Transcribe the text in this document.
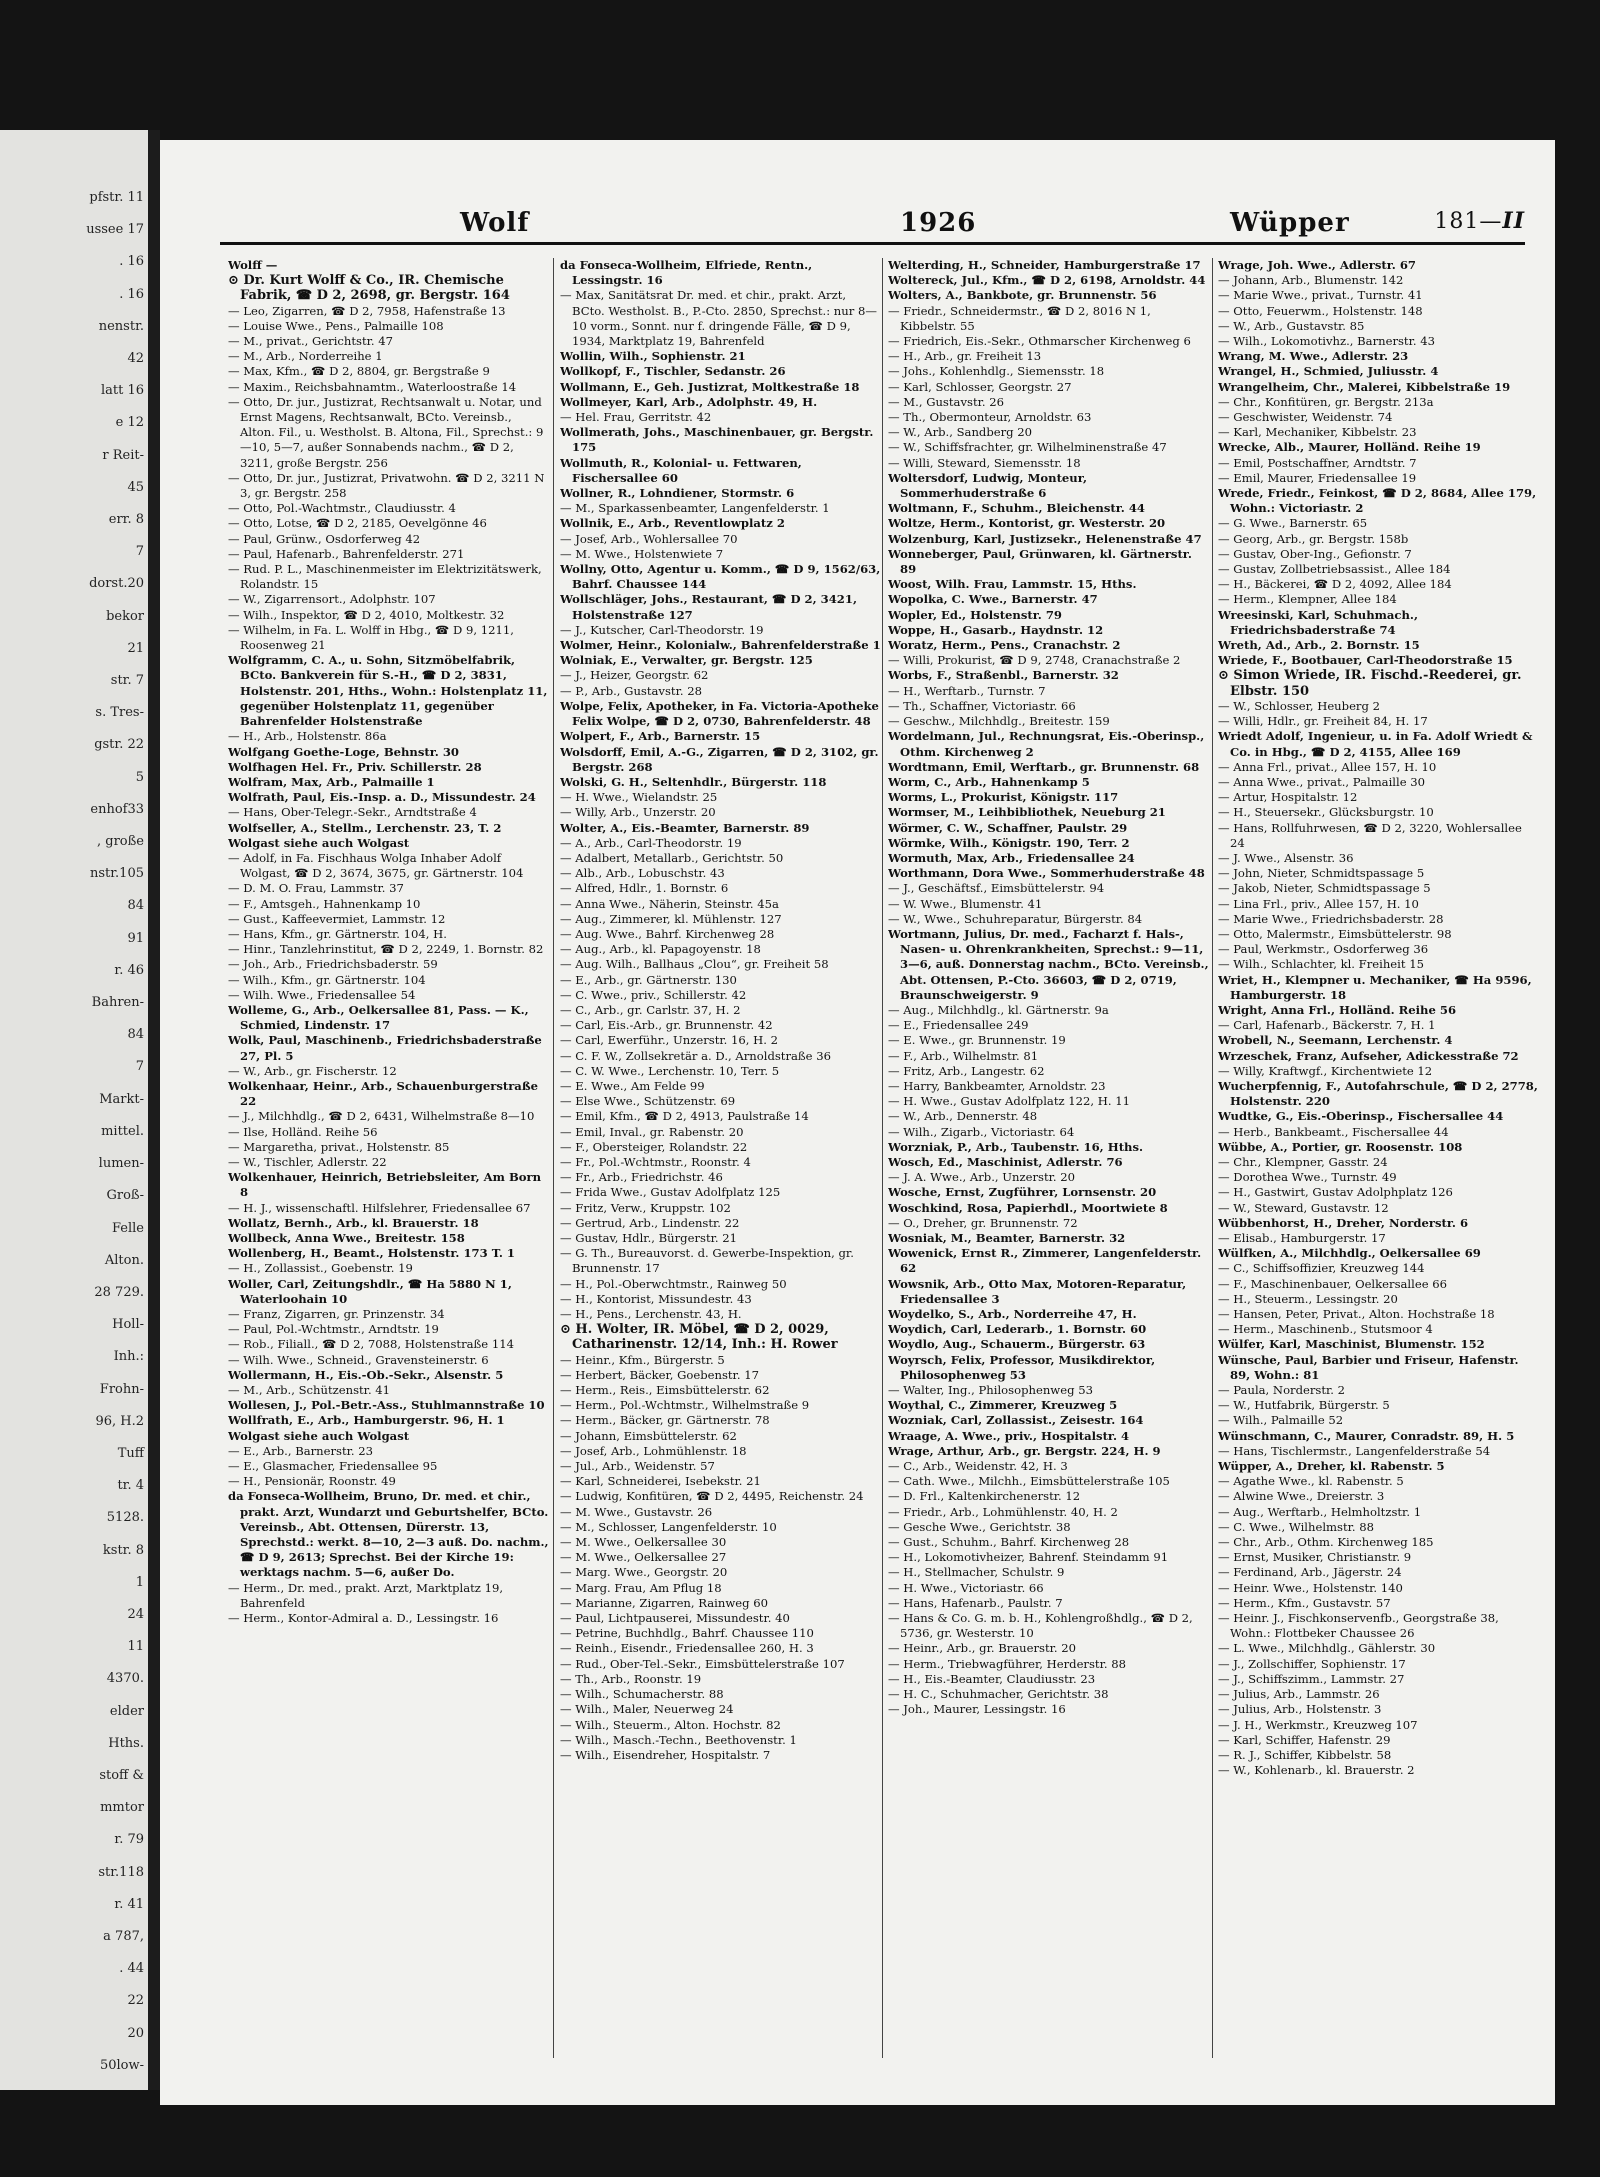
pfstr. 11
ussee 17
. 16
. 16
nenstr.
42
latt 16
e 12
r Reit-
45
err. 8
7
dorst.20
bekor
21
str. 7
s. Tres-
gstr. 22
5
enhof33
, große
nstr.105
84
91
r. 46
Bahren-
84
7
Markt-
mittel.
lumen-
Groß-
Felle
Alton.
28 729.
Holl-
Inh.:
Frohn-
96, H.2
Tuff
tr. 4
5128.
kstr. 8
1
24
11
4370.
elder
Hths.
stoff &
mmtor
r. 79
str.118
r. 41
a 787,
. 44
22
20
50low-
Wolf	1926	Wüpper	181—II
Wolff —
⊙ Dr. Kurt Wolff & Co., IR. Chemische Fabrik, ☎ D 2, 2698, gr. Bergstr. 164
— Leo, Zigarren, ☎ D 2, 7958, Hafenstraße 13
— Louise Wwe., Pens., Palmaille 108
— M., privat., Gerichtstr. 47
— M., Arb., Norderreihe 1
— Max, Kfm., ☎ D 2, 8804, gr. Bergstraße 9
— Maxim., Reichsbahnamtm., Waterloostraße 14
— Otto, Dr. jur., Justizrat, Rechtsanwalt u. Notar, und Ernst Magens, Rechtsanwalt, BCto. Vereinsb., Alton. Fil., u. Westholst. B. Altona, Fil., Sprechst.: 9—10, 5—7, außer Sonnabends nachm., ☎ D 2, 3211, große Bergstr. 256
— Otto, Dr. jur., Justizrat, Privatwohn. ☎ D 2, 3211 N 3, gr. Bergstr. 258
— Otto, Pol.-Wachtmstr., Claudiusstr. 4
— Otto, Lotse, ☎ D 2, 2185, Oevelgönne 46
— Paul, Grünw., Osdorferweg 42
— Paul, Hafenarb., Bahrenfelderstr. 271
— Rud. P. L., Maschinenmeister im Elektrizitätswerk, Rolandstr. 15
— W., Zigarrensort., Adolphstr. 107
— Wilh., Inspektor, ☎ D 2, 4010, Moltkestr. 32
— Wilhelm, in Fa. L. Wolff in Hbg., ☎ D 9, 1211, Roosenweg 21
Wolfgramm, C. A., u. Sohn, Sitzmöbelfabrik, BCto. Bankverein für S.-H., ☎ D 2, 3831, Holstenstr. 201, Hths., Wohn.: Holstenplatz 11, gegenüber Holstenplatz 11, gegenüber Bahrenfelder Holstenstraße
— H., Arb., Holstenstr. 86a
Wolfgang Goethe-Loge, Behnstr. 30
Wolfhagen Hel. Fr., Priv. Schillerstr. 28
Wolfram, Max, Arb., Palmaille 1
Wolfrath, Paul, Eis.-Insp. a. D., Missundestr. 24
— Hans, Ober-Telegr.-Sekr., Arndtstraße 4
Wolfseller, A., Stellm., Lerchenstr. 23, T. 2
Wolgast siehe auch Wolgast
— Adolf, in Fa. Fischhaus Wolga Inhaber Adolf Wolgast, ☎ D 2, 3674, 3675, gr. Gärtnerstr. 104
— D. M. O. Frau, Lammstr. 37
— F., Amtsgeh., Hahnenkamp 10
— Gust., Kaffeevermiet, Lammstr. 12
— Hans, Kfm., gr. Gärtnerstr. 104, H.
— Hinr., Tanzlehrinstitut, ☎ D 2, 2249, 1. Bornstr. 82
— Joh., Arb., Friedrichsbaderstr. 59
— Wilh., Kfm., gr. Gärtnerstr. 104
— Wilh. Wwe., Friedensallee 54
Wolleme, G., Arb., Oelkersallee 81, Pass. — K., Schmied, Lindenstr. 17
Wolk, Paul, Maschinenb., Friedrichsbaderstraße 27, Pl. 5
— W., Arb., gr. Fischerstr. 12
Wolkenhaar, Heinr., Arb., Schauenburgerstraße 22
— J., Milchhdlg., ☎ D 2, 6431, Wilhelmstraße 8—10
— Ilse, Holländ. Reihe 56
— Margaretha, privat., Holstenstr. 85
— W., Tischler, Adlerstr. 22
Wolkenhauer, Heinrich, Betriebsleiter, Am Born 8
— H. J., wissenschaftl. Hilfslehrer, Friedensallee 67
Wollatz, Bernh., Arb., kl. Brauerstr. 18
Wollbeck, Anna Wwe., Breitestr. 158
Wollenberg, H., Beamt., Holstenstr. 173 T. 1
— H., Zollassist., Goebenstr. 19
Woller, Carl, Zeitungshdlr., ☎ Ha 5880 N 1, Waterloohain 10
— Franz, Zigarren, gr. Prinzenstr. 34
— Paul, Pol.-Wchtmstr., Arndtstr. 19
— Rob., Filiall., ☎ D 2, 7088, Holstenstraße 114
— Wilh. Wwe., Schneid., Gravensteinerstr. 6
Wollermann, H., Eis.-Ob.-Sekr., Alsenstr. 5
— M., Arb., Schützenstr. 41
Wollesen, J., Pol.-Betr.-Ass., Stuhlmannstraße 10
Wollfrath, E., Arb., Hamburgerstr. 96, H. 1
Wolgast siehe auch Wolgast
— E., Arb., Barnerstr. 23
— E., Glasmacher, Friedensallee 95
— H., Pensionär, Roonstr. 49
da Fonseca-Wollheim, Bruno, Dr. med. et chir., prakt. Arzt, Wundarzt und Geburtshelfer, BCto. Vereinsb., Abt. Ottensen, Dürerstr. 13, Sprechstd.: werkt. 8—10, 2—3 auß. Do. nachm., ☎ D 9, 2613; Sprechst. Bei der Kirche 19: werktags nachm. 5—6, außer Do.
— Herm., Dr. med., prakt. Arzt, Marktplatz 19, Bahrenfeld
— Herm., Kontor-Admiral a. D., Lessingstr. 16
da Fonseca-Wollheim, Elfriede, Rentn., Lessingstr. 16
— Max, Sanitätsrat Dr. med. et chir., prakt. Arzt, BCto. Westholst. B., P.-Cto. 2850, Sprechst.: nur 8—10 vorm., Sonnt. nur f. dringende Fälle, ☎ D 9, 1934, Marktplatz 19, Bahrenfeld
Wollin, Wilh., Sophienstr. 21
Wollkopf, F., Tischler, Sedanstr. 26
Wollmann, E., Geh. Justizrat, Moltkestraße 18
Wollmeyer, Karl, Arb., Adolphstr. 49, H.
— Hel. Frau, Gerritstr. 42
Wollmerath, Johs., Maschinenbauer, gr. Bergstr. 175
Wollmuth, R., Kolonial- u. Fettwaren, Fischersallee 60
Wollner, R., Lohndiener, Stormstr. 6
— M., Sparkassenbeamter, Langenfelderstr. 1
Wollnik, E., Arb., Reventlowplatz 2
— Josef, Arb., Wohlersallee 70
— M. Wwe., Holstenwiete 7
Wollny, Otto, Agentur u. Komm., ☎ D 9, 1562/63, Bahrf. Chaussee 144
Wollschläger, Johs., Restaurant, ☎ D 2, 3421, Holstenstraße 127
— J., Kutscher, Carl-Theodorstr. 19
Wolmer, Heinr., Kolonialw., Bahrenfelderstraße 1
Wolniak, E., Verwalter, gr. Bergstr. 125
— J., Heizer, Georgstr. 62
— P., Arb., Gustavstr. 28
Wolpe, Felix, Apotheker, in Fa. Victoria-Apotheke Felix Wolpe, ☎ D 2, 0730, Bahrenfelderstr. 48
Wolpert, F., Arb., Barnerstr. 15
Wolsdorff, Emil, A.-G., Zigarren, ☎ D 2, 3102, gr. Bergstr. 268
Wolski, G. H., Seltenhdlr., Bürgerstr. 118
— H. Wwe., Wielandstr. 25
— Willy, Arb., Unzerstr. 20
Wolter, A., Eis.-Beamter, Barnerstr. 89
— A., Arb., Carl-Theodorstr. 19
— Adalbert, Metallarb., Gerichtstr. 50
— Alb., Arb., Lobuschstr. 43
— Alfred, Hdlr., 1. Bornstr. 6
— Anna Wwe., Näherin, Steinstr. 45a
— Aug., Zimmerer, kl. Mühlenstr. 127
— Aug. Wwe., Bahrf. Kirchenweg 28
— Aug., Arb., kl. Papagoyenstr. 18
— Aug. Wilh., Ballhaus „Clou“, gr. Freiheit 58
— E., Arb., gr. Gärtnerstr. 130
— C. Wwe., priv., Schillerstr. 42
— C., Arb., gr. Carlstr. 37, H. 2
— Carl, Eis.-Arb., gr. Brunnenstr. 42
— Carl, Ewerführ., Unzerstr. 16, H. 2
— C. F. W., Zollsekretär a. D., Arnoldstraße 36
— C. W. Wwe., Lerchenstr. 10, Terr. 5
— E. Wwe., Am Felde 99
— Else Wwe., Schützenstr. 69
— Emil, Kfm., ☎ D 2, 4913, Paulstraße 14
— Emil, Inval., gr. Rabenstr. 20
— F., Obersteiger, Rolandstr. 22
— Fr., Pol.-Wchtmstr., Roonstr. 4
— Fr., Arb., Friedrichstr. 46
— Frida Wwe., Gustav Adolfplatz 125
— Fritz, Verw., Kruppstr. 102
— Gertrud, Arb., Lindenstr. 22
— Gustav, Hdlr., Bürgerstr. 21
— G. Th., Bureauvorst. d. Gewerbe-Inspektion, gr. Brunnenstr. 17
— H., Pol.-Oberwchtmstr., Rainweg 50
— H., Kontorist, Missundestr. 43
— H., Pens., Lerchenstr. 43, H.
⊙ H. Wolter, IR. Möbel, ☎ D 2, 0029, Catharinenstr. 12/14, Inh.: H. Rower
— Heinr., Kfm., Bürgerstr. 5
— Herbert, Bäcker, Goebenstr. 17
— Herm., Reis., Eimsbüttelerstr. 62
— Herm., Pol.-Wchtmstr., Wilhelmstraße 9
— Herm., Bäcker, gr. Gärtnerstr. 78
— Johann, Eimsbüttelerstr. 62
— Josef, Arb., Lohmühlenstr. 18
— Jul., Arb., Weidenstr. 57
— Karl, Schneiderei, Isebekstr. 21
— Ludwig, Konfitüren, ☎ D 2, 4495, Reichenstr. 24
— M. Wwe., Gustavstr. 26
— M., Schlosser, Langenfelderstr. 10
— M. Wwe., Oelkersallee 30
— M. Wwe., Oelkersallee 27
— Marg. Wwe., Georgstr. 20
— Marg. Frau, Am Pflug 18
— Marianne, Zigarren, Rainweg 60
— Paul, Lichtpauserei, Missundestr. 40
— Petrine, Buchhdlg., Bahrf. Chaussee 110
— Reinh., Eisendr., Friedensallee 260, H. 3
— Rud., Ober-Tel.-Sekr., Eimsbüttelerstraße 107
— Th., Arb., Roonstr. 19
— Wilh., Schumacherstr. 88
— Wilh., Maler, Neuerweg 24
— Wilh., Steuerm., Alton. Hochstr. 82
— Wilh., Masch.-Techn., Beethovenstr. 1
— Wilh., Eisendreher, Hospitalstr. 7
Welterding, H., Schneider, Hamburgerstraße 17
Woltereck, Jul., Kfm., ☎ D 2, 6198, Arnoldstr. 44
Wolters, A., Bankbote, gr. Brunnenstr. 56
— Friedr., Schneidermstr., ☎ D 2, 8016 N 1, Kibbelstr. 55
— Friedrich, Eis.-Sekr., Othmarscher Kirchenweg 6
— H., Arb., gr. Freiheit 13
— Johs., Kohlenhdlg., Siemensstr. 18
— Karl, Schlosser, Georgstr. 27
— M., Gustavstr. 26
— Th., Obermonteur, Arnoldstr. 63
— W., Arb., Sandberg 20
— W., Schiffsfrachter, gr. Wilhelminenstraße 47
— Willi, Steward, Siemensstr. 18
Woltersdorf, Ludwig, Monteur, Sommerhuderstraße 6
Woltmann, F., Schuhm., Bleichenstr. 44
Woltze, Herm., Kontorist, gr. Westerstr. 20
Wolzenburg, Karl, Justizsekr., Helenenstraße 47
Wonneberger, Paul, Grünwaren, kl. Gärtnerstr. 89
Woost, Wilh. Frau, Lammstr. 15, Hths.
Wopolka, C. Wwe., Barnerstr. 47
Wopler, Ed., Holstenstr. 79
Woppe, H., Gasarb., Haydnstr. 12
Woratz, Herm., Pens., Cranachstr. 2
— Willi, Prokurist, ☎ D 9, 2748, Cranachstraße 2
Worbs, F., Straßenbl., Barnerstr. 32
— H., Werftarb., Turnstr. 7
— Th., Schaffner, Victoriastr. 66
— Geschw., Milchhdlg., Breitestr. 159
Wordelmann, Jul., Rechnungsrat, Eis.-Oberinsp., Othm. Kirchenweg 2
Wordtmann, Emil, Werftarb., gr. Brunnenstr. 68
Worm, C., Arb., Hahnenkamp 5
Worms, L., Prokurist, Königstr. 117
Wormser, M., Leihbibliothek, Neueburg 21
Wörmer, C. W., Schaffner, Paulstr. 29
Wörmke, Wilh., Königstr. 190, Terr. 2
Wormuth, Max, Arb., Friedensallee 24
Worthmann, Dora Wwe., Sommerhuderstraße 48
— J., Geschäftsf., Eimsbüttelerstr. 94
— W. Wwe., Blumenstr. 41
— W., Wwe., Schuhreparatur, Bürgerstr. 84
Wortmann, Julius, Dr. med., Facharzt f. Hals-, Nasen- u. Ohrenkrankheiten, Sprechst.: 9—11, 3—6, auß. Donnerstag nachm., BCto. Vereinsb., Abt. Ottensen, P.-Cto. 36603, ☎ D 2, 0719, Braunschweigerstr. 9
— Aug., Milchhdlg., kl. Gärtnerstr. 9a
— E., Friedensallee 249
— E. Wwe., gr. Brunnenstr. 19
— F., Arb., Wilhelmstr. 81
— Fritz, Arb., Langestr. 62
— Harry, Bankbeamter, Arnoldstr. 23
— H. Wwe., Gustav Adolfplatz 122, H. 11
— W., Arb., Dennerstr. 48
— Wilh., Zigarb., Victoriastr. 64
Worzniak, P., Arb., Taubenstr. 16, Hths.
Wosch, Ed., Maschinist, Adlerstr. 76
— J. A. Wwe., Arb., Unzerstr. 20
Wosche, Ernst, Zugführer, Lornsenstr. 20
Woschkind, Rosa, Papierhdl., Moortwiete 8
— O., Dreher, gr. Brunnenstr. 72
Wosniak, M., Beamter, Barnerstr. 32
Wowenick, Ernst R., Zimmerer, Langenfelderstr. 62
Wowsnik, Arb., Otto Max, Motoren-Reparatur, Friedensallee 3
Woydelko, S., Arb., Norderreihe 47, H.
Woydich, Carl, Lederarb., 1. Bornstr. 60
Woydlo, Aug., Schauerm., Bürgerstr. 63
Woyrsch, Felix, Professor, Musikdirektor, Philosophenweg 53
— Walter, Ing., Philosophenweg 53
Woythal, C., Zimmerer, Kreuzweg 5
Wozniak, Carl, Zollassist., Zeisestr. 164
Wraage, A. Wwe., priv., Hospitalstr. 4
Wrage, Arthur, Arb., gr. Bergstr. 224, H. 9
— C., Arb., Weidenstr. 42, H. 3
— Cath. Wwe., Milchh., Eimsbüttelerstraße 105
— D. Frl., Kaltenkirchenerstr. 12
— Friedr., Arb., Lohmühlenstr. 40, H. 2
— Gesche Wwe., Gerichtstr. 38
— Gust., Schuhm., Bahrf. Kirchenweg 28
— H., Lokomotivheizer, Bahrenf. Steindamm 91
— H., Stellmacher, Schulstr. 9
— H. Wwe., Victoriastr. 66
— Hans, Hafenarb., Paulstr. 7
— Hans & Co. G. m. b. H., Kohlengroßhdlg., ☎ D 2, 5736, gr. Westerstr. 10
— Heinr., Arb., gr. Brauerstr. 20
— Herm., Triebwagführer, Herderstr. 88
— H., Eis.-Beamter, Claudiusstr. 23
— H. C., Schuhmacher, Gerichtstr. 38
— Joh., Maurer, Lessingstr. 16
Wrage, Joh. Wwe., Adlerstr. 67
— Johann, Arb., Blumenstr. 142
— Marie Wwe., privat., Turnstr. 41
— Otto, Feuerwm., Holstenstr. 148
— W., Arb., Gustavstr. 85
— Wilh., Lokomotivhz., Barnerstr. 43
Wrang, M. Wwe., Adlerstr. 23
Wrangel, H., Schmied, Juliusstr. 4
Wrangelheim, Chr., Malerei, Kibbelstraße 19
— Chr., Konfitüren, gr. Bergstr. 213a
— Geschwister, Weidenstr. 74
— Karl, Mechaniker, Kibbelstr. 23
Wrecke, Alb., Maurer, Holländ. Reihe 19
— Emil, Postschaffner, Arndtstr. 7
— Emil, Maurer, Friedensallee 19
Wrede, Friedr., Feinkost, ☎ D 2, 8684, Allee 179, Wohn.: Victoriastr. 2
— G. Wwe., Barnerstr. 65
— Georg, Arb., gr. Bergstr. 158b
— Gustav, Ober-Ing., Gefionstr. 7
— Gustav, Zollbetriebsassist., Allee 184
— H., Bäckerei, ☎ D 2, 4092, Allee 184
— Herm., Klempner, Allee 184
Wreesinski, Karl, Schuhmach., Friedrichsbaderstraße 74
Wreth, Ad., Arb., 2. Bornstr. 15
Wriede, F., Bootbauer, Carl-Theodorstraße 15
⊙ Simon Wriede, IR. Fischd.-Reederei, gr. Elbstr. 150
— W., Schlosser, Heuberg 2
— Willi, Hdlr., gr. Freiheit 84, H. 17
Wriedt Adolf, Ingenieur, u. in Fa. Adolf Wriedt & Co. in Hbg., ☎ D 2, 4155, Allee 169
— Anna Frl., privat., Allee 157, H. 10
— Anna Wwe., privat., Palmaille 30
— Artur, Hospitalstr. 12
— H., Steuersekr., Glücksburgstr. 10
— Hans, Rollfuhrwesen, ☎ D 2, 3220, Wohlersallee 24
— J. Wwe., Alsenstr. 36
— John, Nieter, Schmidtspassage 5
— Jakob, Nieter, Schmidtspassage 5
— Lina Frl., priv., Allee 157, H. 10
— Marie Wwe., Friedrichsbaderstr. 28
— Otto, Malermstr., Eimsbüttelerstr. 98
— Paul, Werkmstr., Osdorferweg 36
— Wilh., Schlachter, kl. Freiheit 15
Wriet, H., Klempner u. Mechaniker, ☎ Ha 9596, Hamburgerstr. 18
Wright, Anna Frl., Holländ. Reihe 56
— Carl, Hafenarb., Bäckerstr. 7, H. 1
Wrobell, N., Seemann, Lerchenstr. 4
Wrzeschek, Franz, Aufseher, Adickesstraße 72
— Willy, Kraftwgf., Kirchentwiete 12
Wucherpfennig, F., Autofahrschule, ☎ D 2, 2778, Holstenstr. 220
Wudtke, G., Eis.-Oberinsp., Fischersallee 44
— Herb., Bankbeamt., Fischersallee 44
Wübbe, A., Portier, gr. Roosenstr. 108
— Chr., Klempner, Gasstr. 24
— Dorothea Wwe., Turnstr. 49
— H., Gastwirt, Gustav Adolphplatz 126
— W., Steward, Gustavstr. 12
Wübbenhorst, H., Dreher, Norderstr. 6
— Elisab., Hamburgerstr. 17
Wülfken, A., Milchhdlg., Oelkersallee 69
— C., Schiffsoffizier, Kreuzweg 144
— F., Maschinenbauer, Oelkersallee 66
— H., Steuerm., Lessingstr. 20
— Hansen, Peter, Privat., Alton. Hochstraße 18
— Herm., Maschinenb., Stutsmoor 4
Wülfer, Karl, Maschinist, Blumenstr. 152
Wünsche, Paul, Barbier und Friseur, Hafenstr. 89, Wohn.: 81
— Paula, Norderstr. 2
— W., Hutfabrik, Bürgerstr. 5
— Wilh., Palmaille 52
Wünschmann, C., Maurer, Conradstr. 89, H. 5
— Hans, Tischlermstr., Langenfelderstraße 54
Wüpper, A., Dreher, kl. Rabenstr. 5
— Agathe Wwe., kl. Rabenstr. 5
— Alwine Wwe., Dreierstr. 3
— Aug., Werftarb., Helmholtzstr. 1
— C. Wwe., Wilhelmstr. 88
— Chr., Arb., Othm. Kirchenweg 185
— Ernst, Musiker, Christianstr. 9
— Ferdinand, Arb., Jägerstr. 24
— Heinr. Wwe., Holstenstr. 140
— Herm., Kfm., Gustavstr. 57
— Heinr. J., Fischkonservenfb., Georgstraße 38, Wohn.: Flottbeker Chaussee 26
— L. Wwe., Milchhdlg., Gählerstr. 30
— J., Zollschiffer, Sophienstr. 17
— J., Schiffszimm., Lammstr. 27
— Julius, Arb., Lammstr. 26
— Julius, Arb., Holstenstr. 3
— J. H., Werkmstr., Kreuzweg 107
— Karl, Schiffer, Hafenstr. 29
— R. J., Schiffer, Kibbelstr. 58
— W., Kohlenarb., kl. Brauerstr. 2
